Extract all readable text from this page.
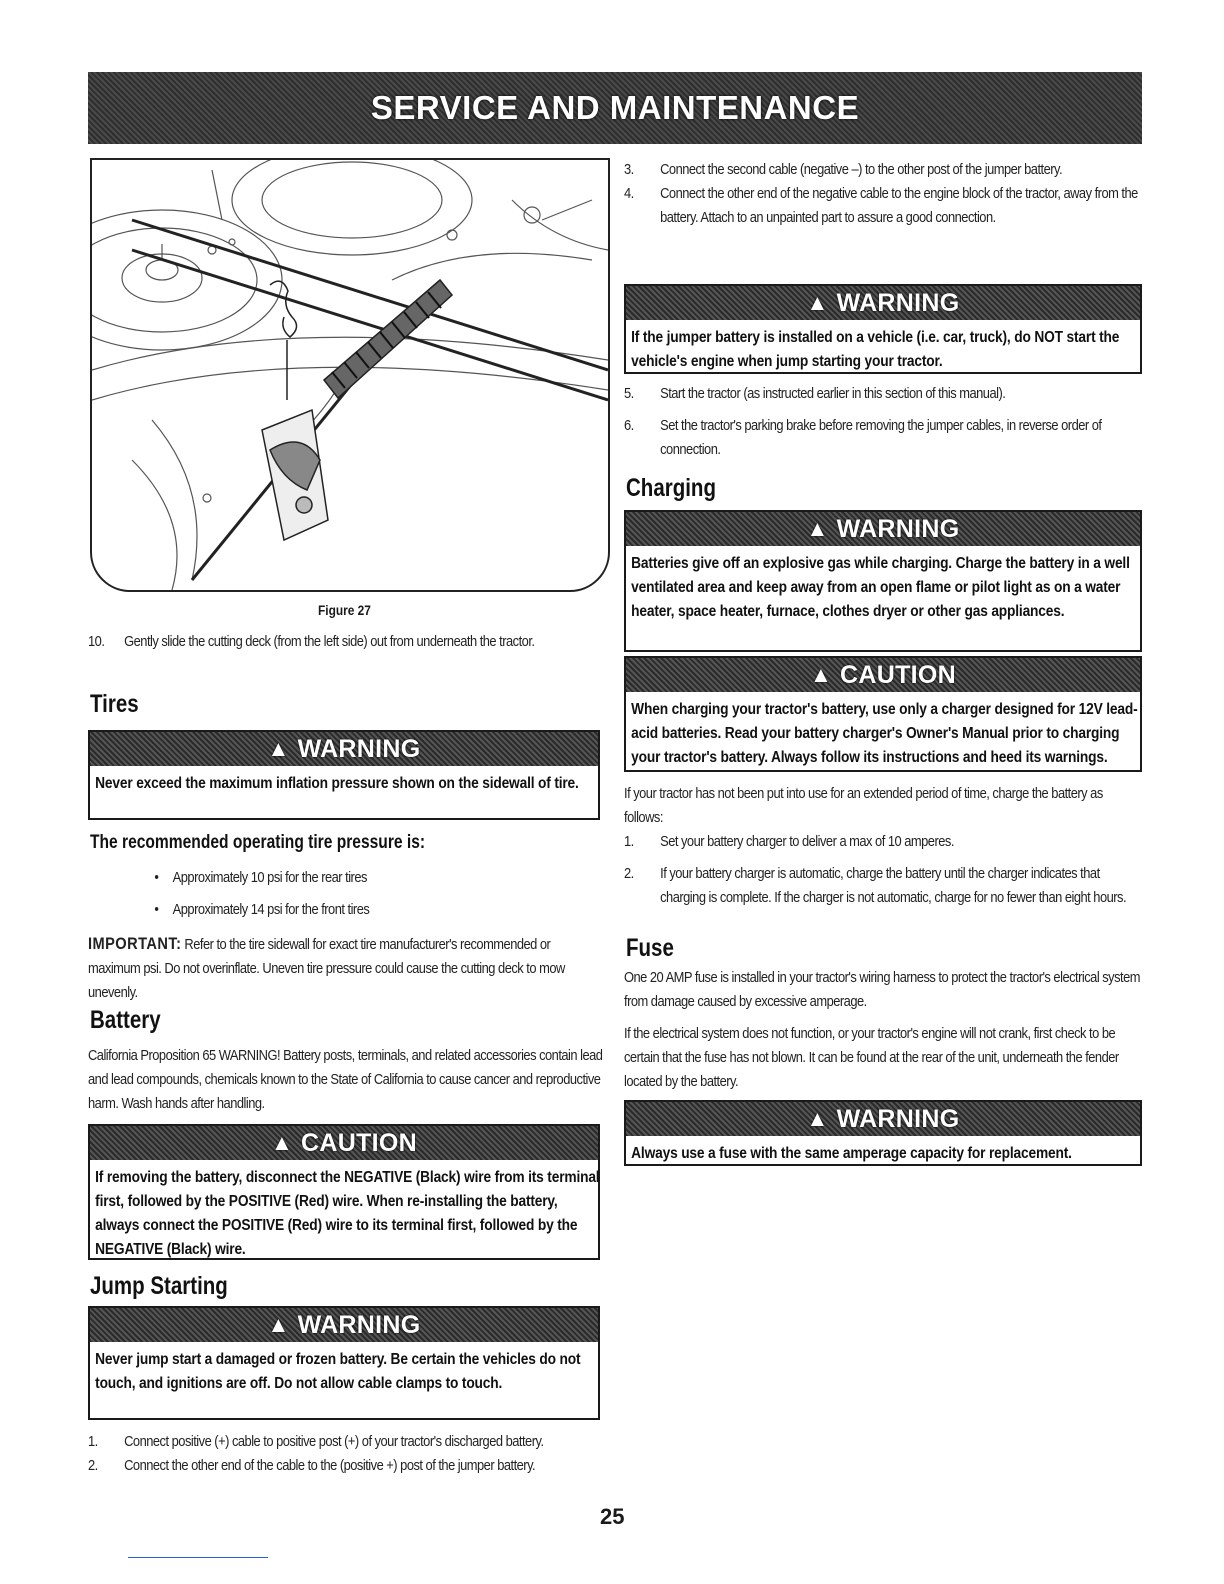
SERVICE AND MAINTENANCE
Figure 27
10.	Gently slide the cutting deck (from the left side) out from underneath the tractor.
Tires
▲ WARNING
Never exceed the maximum inflation pressure shown on the sidewall of tire.
The recommended operating tire pressure is:
• Approximately 10 psi for the rear tires
• Approximately 14 psi for the front tires

IMPORTANT: Refer to the tire sidewall for exact tire manufacturer's recommended or maximum psi. Do not overinflate. Uneven tire pressure could cause the cutting deck to mow unevenly.

Battery

California Proposition 65 WARNING! Battery posts, terminals, and related accessories contain lead and lead compounds, chemicals known to the State of California to cause cancer and reproductive harm. Wash hands after handling.

▲ CAUTION
If removing the battery, disconnect the NEGATIVE (Black) wire from its terminal first, followed by the POSITIVE (Red) wire. When re-installing the battery, always connect the POSITIVE (Red) wire to its terminal first, followed by the NEGATIVE (Black) wire.
Jump Starting
▲ WARNING
Never jump start a damaged or frozen battery. Be certain the vehicles do not touch, and ignitions are off. Do not allow cable clamps to touch.
1.	Connect positive (+) cable to positive post (+) of your tractor's discharged battery.
2.	Connect the other end of the cable to the (positive +) post of the jumper battery.
3.	Connect the second cable (negative –) to the other post of the jumper battery.
4.	Connect the other end of the negative cable to the engine block of the tractor, away from the battery. Attach to an unpainted part to assure a good connection.
▲ WARNING
If the jumper battery is installed on a vehicle (i.e. car, truck), do NOT start the vehicle's engine when jump starting your tractor.
5.	Start the tractor (as instructed earlier in this section of this manual).
6.	Set the tractor's parking brake before removing the jumper cables, in reverse order of connection.
Charging
▲ WARNING
Batteries give off an explosive gas while charging. Charge the battery in a well ventilated area and keep away from an open flame or pilot light as on a water heater, space heater, furnace, clothes dryer or other gas appliances.
▲ CAUTION
When charging your tractor's battery, use only a charger designed for 12V lead-acid batteries. Read your battery charger's Owner's Manual prior to charging your tractor's battery. Always follow its instructions and heed its warnings.

If your tractor has not been put into use for an extended period of time, charge the battery as follows:

1.	Set your battery charger to deliver a max of 10 amperes.
2.	If your battery charger is automatic, charge the battery until the charger indicates that charging is complete. If the charger is not automatic, charge for no fewer than eight hours.
Fuse

One 20 AMP fuse is installed in your tractor's wiring harness to protect the tractor's electrical system from damage caused by excessive amperage.

If the electrical system does not function, or your tractor's engine will not crank, first check to be certain that the fuse has not blown. It can be found at the rear of the unit, underneath the fender located by the battery.

▲ WARNING
Always use a fuse with the same amperage capacity for replacement.
25
